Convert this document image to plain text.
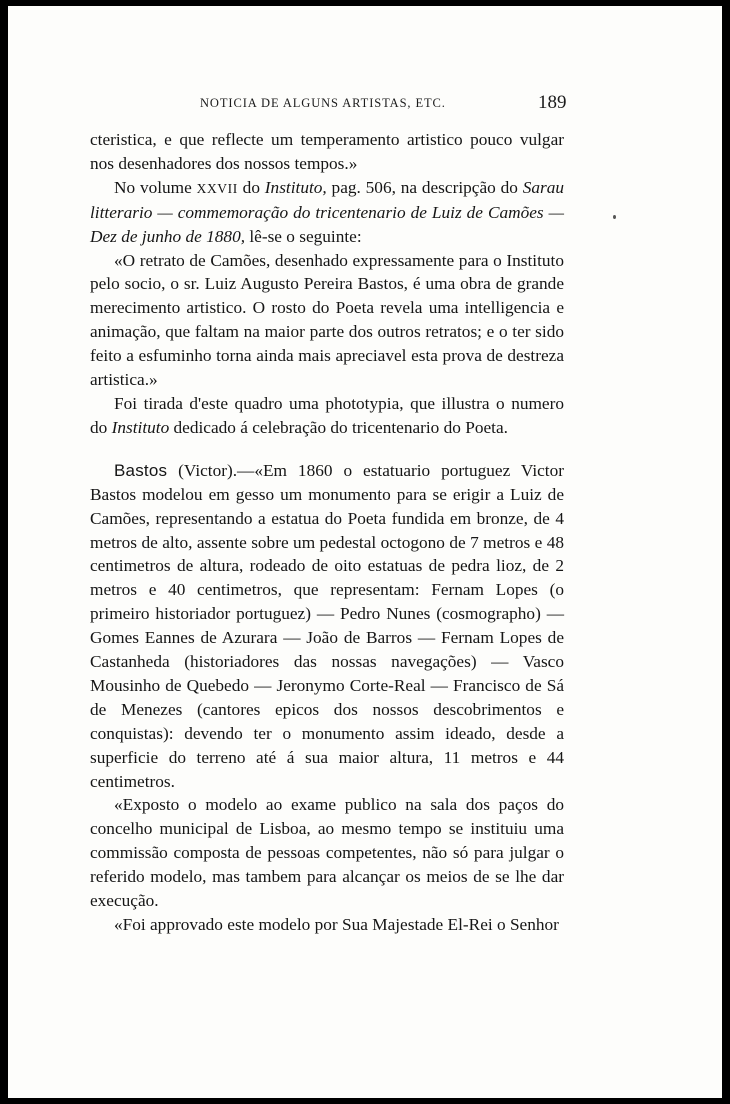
NOTICIA DE ALGUNS ARTISTAS, ETC.	189

cteristica, e que reflecte um temperamento artistico pouco vulgar nos desenhadores dos nossos tempos.»

No volume XXVII do Instituto, pag. 506, na descripção do Sarau litterario — commemoração do tricentenario de Luiz de Camões — Dez de junho de 1880, lê-se o seguinte:

«O retrato de Camões, desenhado expressamente para o Instituto pelo socio, o sr. Luiz Augusto Pereira Bastos, é uma obra de grande merecimento artistico. O rosto do Poeta revela uma intelligencia e animação, que faltam na maior parte dos outros retratos; e o ter sido feito a esfuminho torna ainda mais apreciavel esta prova de destreza artistica.»

Foi tirada d'este quadro uma phototypia, que illustra o numero do Instituto dedicado á celebração do tricentenario do Poeta.

Bastos (Victor).—«Em 1860 o estatuario portuguez Victor Bastos modelou em gesso um monumento para se erigir a Luiz de Camões, representando a estatua do Poeta fundida em bronze, de 4 metros de alto, assente sobre um pedestal octogono de 7 metros e 48 centimetros de altura, rodeado de oito estatuas de pedra lioz, de 2 metros e 40 centimetros, que representam: Fernam Lopes (o primeiro historiador portuguez) — Pedro Nunes (cosmographo) — Gomes Eannes de Azurara — João de Barros — Fernam Lopes de Castanheda (historiadores das nossas navegações) — Vasco Mousinho de Quebedo — Jeronymo Corte-Real — Francisco de Sá de Menezes (cantores epicos dos nossos descobrimentos e conquistas): devendo ter o monumento assim ideado, desde a superficie do terreno até á sua maior altura, 11 metros e 44 centimetros.

«Exposto o modelo ao exame publico na sala dos paços do concelho municipal de Lisboa, ao mesmo tempo se instituiu uma commissão composta de pessoas competentes, não só para julgar o referido modelo, mas tambem para alcançar os meios de se lhe dar execução.

«Foi approvado este modelo por Sua Majestade El-Rei o Senhor
